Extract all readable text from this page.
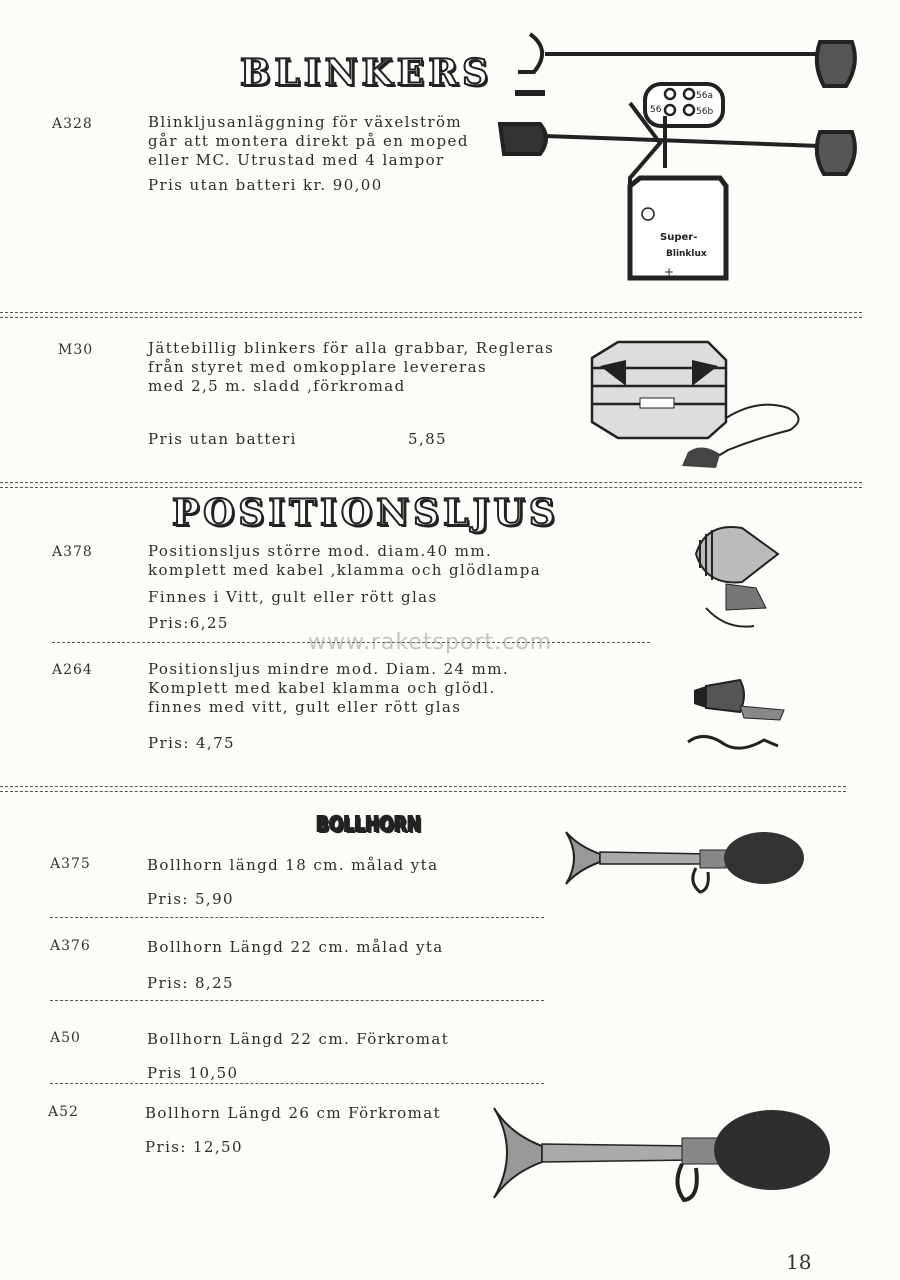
BLINKERS
A328	Blinkljusanläggning för växelström
går att montera direkt på en moped
eller MC. Utrustad med 4 lampor
Pris utan batteri kr. 90,00
56
56a
56b
Super-
Blinklux
+
M30	Jättebillig blinkers för alla grabbar, Regleras
från styret med omkopplare levereras
med 2,5 m. sladd ,förkromad
Pris utan batteri	5,85
POSITIONSLJUS
A378	Positionsljus större mod. diam.40 mm.
komplett med kabel ,klamma och glödlampa
Finnes i Vitt, gult eller rött glas
Pris:6,25
www.raketsport.com
A264	Positionsljus mindre mod. Diam. 24 mm.
Komplett med kabel klamma och glödl.
finnes med vitt, gult eller rött glas
Pris: 4,75
BOLLHORN
A375	Bollhorn längd 18 cm. målad yta
Pris: 5,90
A376	Bollhorn Längd 22 cm. målad yta
Pris: 8,25
A50	Bollhorn Längd 22 cm. Förkromat
Pris 10,50
A52	Bollhorn Längd 26 cm Förkromat
Pris: 12,50
18
